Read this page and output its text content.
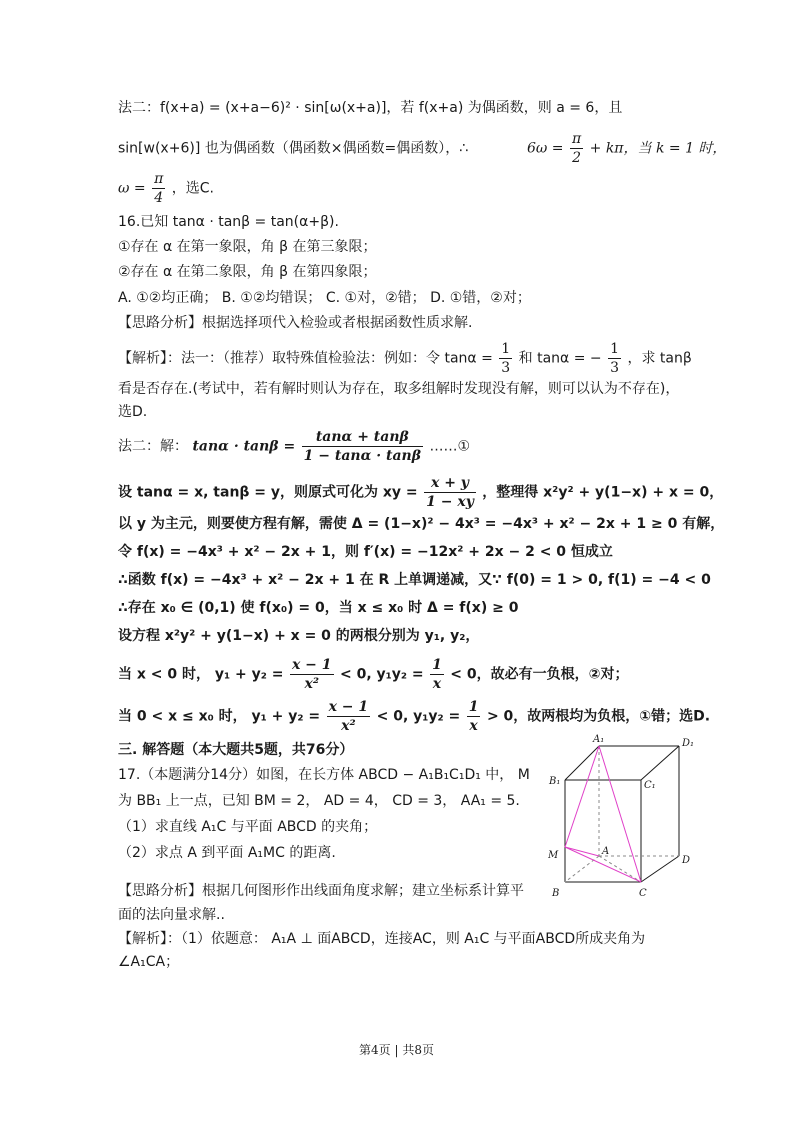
法二：f(x+a) = (x+a−6)² · sin[ω(x+a)]，若 f(x+a) 为偶函数，则 a = 6，且
sin[w(x+6)] 也为偶函数（偶函数×偶函数=偶函数），∴	$6\omega = \frac{\pi}{2} + k\pi$，当 k = 1 时，
$\omega = \frac{\pi}{4}$ ，选C.
16.已知 tanα · tanβ = tan(α+β).
①存在 α 在第一象限，角 β 在第三象限；
②存在 α 在第二象限，角 β 在第四象限；
A. ①②均正确； B. ①②均错误； C. ①对，②错； D. ①错，②对；
【思路分析】根据选择项代入检验或者根据函数性质求解.
【解析】：法一：（推荐）取特殊值检验法：例如：令 $\tan\alpha = \frac{1}{3}$ 和 tanα = − $\frac{1}{3}$ ，求 tanβ
看是否存在.(考试中，若有解时则认为存在，取多组解时发现没有解，则可以认为不存在)，
选D.
法二：解： $\tan\alpha \cdot \tan\beta = \frac{\tan\alpha + \tan\beta}{1 - \tan\alpha \cdot \tan\beta}$ ……①
设 tanα = x, tanβ = y，则原式可化为 xy = $\frac{x + y}{1 - xy}$ ，整理得 x²y² + y(1−x) + x = 0，
以 y 为主元，则要使方程有解，需使 Δ = (1−x)² − 4x³ = −4x³ + x² − 2x + 1 ≥ 0 有解，
令 f(x) = −4x³ + x² − 2x + 1，则 f′(x) = −12x² + 2x − 2 < 0 恒成立
∴函数 f(x) = −4x³ + x² − 2x + 1 在 R 上单调递减，又∵ f(0) = 1 > 0, f(1) = −4 < 0
∴存在 x₀ ∈ (0,1) 使 f(x₀) = 0，当 x ≤ x₀ 时 Δ = f(x) ≥ 0
设方程 x²y² + y(1−x) + x = 0 的两根分别为 y₁, y₂，
当 x < 0 时， $y_1 + y_2 = \frac{x - 1}{\text{x²}} < 0$, $y_1y_2 = \frac{1}{x} < 0$，故必有一负根，②对；
当 0 < x ≤ x₀ 时， $y_1 + y_2 = \frac{x - 1}{\text{x²}} < 0$, $y_1y_2 = \frac{1}{x} > 0$，故两根均为负根，①错；选D.
三. 解答题（本大题共5题，共76分）
17.（本题满分14分）如图，在长方体 ABCD − A₁B₁C₁D₁ 中， M
为 BB₁ 上一点，已知 BM = 2， AD = 4， CD = 3， AA₁ = 5.
（1）求直线 A₁C 与平面 ABCD 的夹角；
（2）求点 A 到平面 A₁MC 的距离.
【思路分析】根据几何图形作出线面角度求解；建立坐标系计算平
面的法向量求解..
【解析】：（1）依题意： A₁A ⊥ 面ABCD，连接AC，则 A₁C 与平面ABCD所成夹角为
∠A₁CA；
A₁	D₁
B₁	C₁
M	A
D
B	C
第4页 | 共8页
